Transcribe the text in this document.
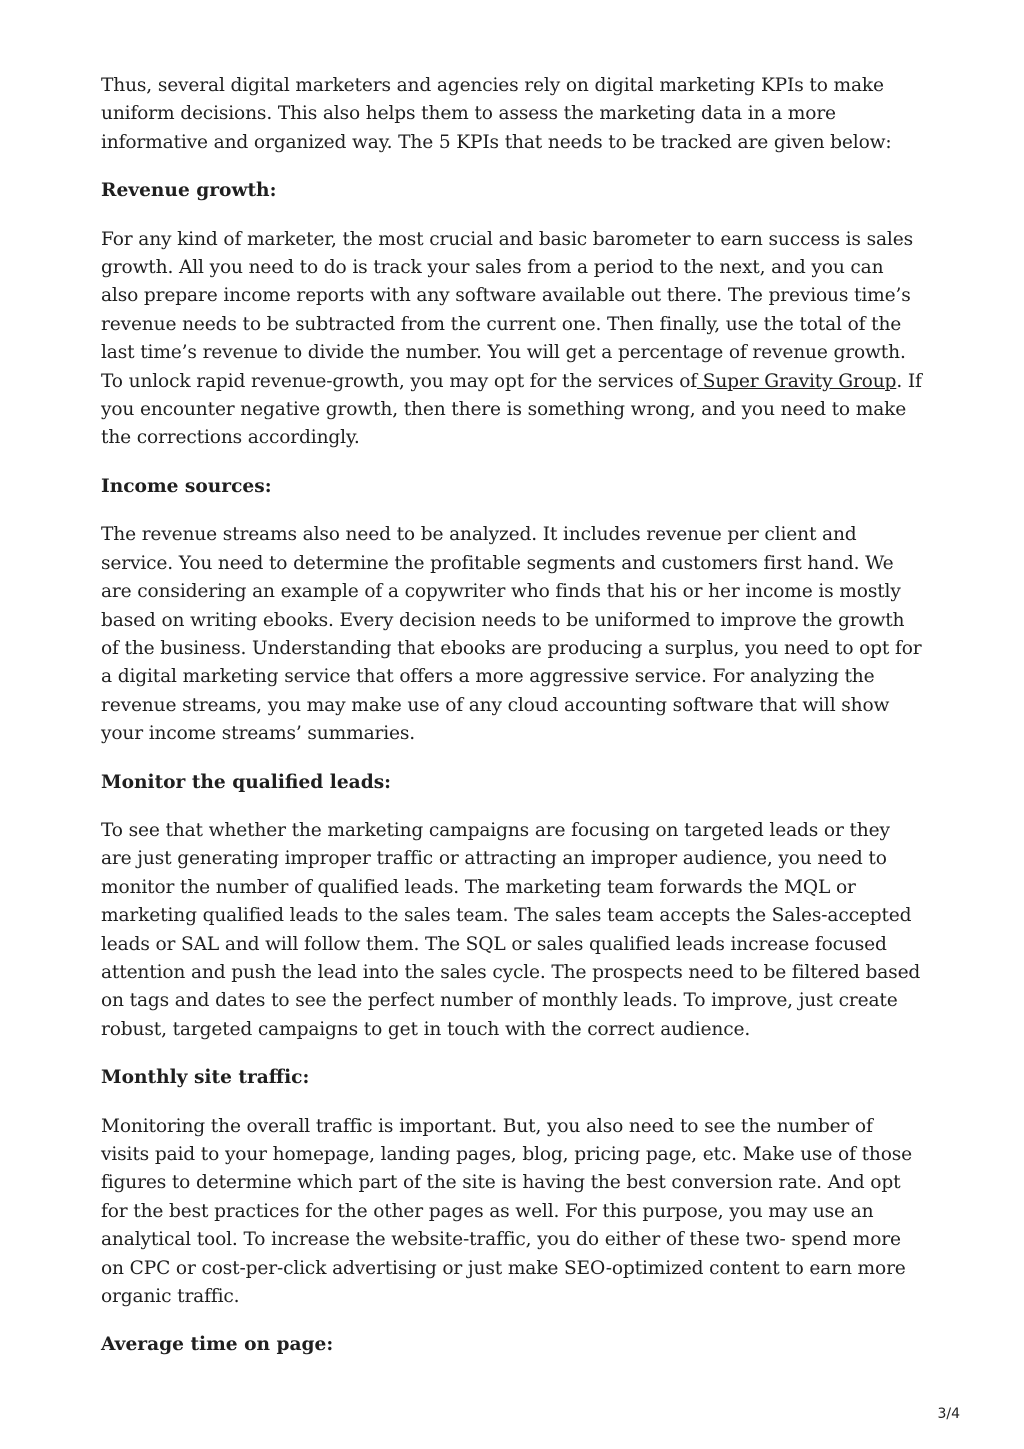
Thus, several digital marketers and agencies rely on digital marketing KPIs to make uniform decisions. This also helps them to assess the marketing data in a more informative and organized way. The 5 KPIs that needs to be tracked are given below:

Revenue growth:

For any kind of marketer, the most crucial and basic barometer to earn success is sales growth. All you need to do is track your sales from a period to the next, and you can also prepare income reports with any software available out there. The previous time’s revenue needs to be subtracted from the current one. Then finally, use the total of the last time’s revenue to divide the number. You will get a percentage of revenue growth. To unlock rapid revenue-growth, you may opt for the services of Super Gravity Group. If you encounter negative growth, then there is something wrong, and you need to make the corrections accordingly.

Income sources:

The revenue streams also need to be analyzed. It includes revenue per client and service. You need to determine the profitable segments and customers first hand. We are considering an example of a copywriter who finds that his or her income is mostly based on writing ebooks. Every decision needs to be uniformed to improve the growth of the business. Understanding that ebooks are producing a surplus, you need to opt for a digital marketing service that offers a more aggressive service. For analyzing the revenue streams, you may make use of any cloud accounting software that will show your income streams’ summaries.

Monitor the qualified leads:

To see that whether the marketing campaigns are focusing on targeted leads or they are just generating improper traffic or attracting an improper audience, you need to monitor the number of qualified leads. The marketing team forwards the MQL or marketing qualified leads to the sales team. The sales team accepts the Sales-accepted leads or SAL and will follow them. The SQL or sales qualified leads increase focused attention and push the lead into the sales cycle. The prospects need to be filtered based on tags and dates to see the perfect number of monthly leads. To improve, just create robust, targeted campaigns to get in touch with the correct audience.

Monthly site traffic:

Monitoring the overall traffic is important. But, you also need to see the number of visits paid to your homepage, landing pages, blog, pricing page, etc. Make use of those figures to determine which part of the site is having the best conversion rate. And opt for the best practices for the other pages as well. For this purpose, you may use an analytical tool. To increase the website-traffic, you do either of these two- spend more on CPC or cost-per-click advertising or just make SEO-optimized content to earn more organic traffic.

Average time on page:
3/4
